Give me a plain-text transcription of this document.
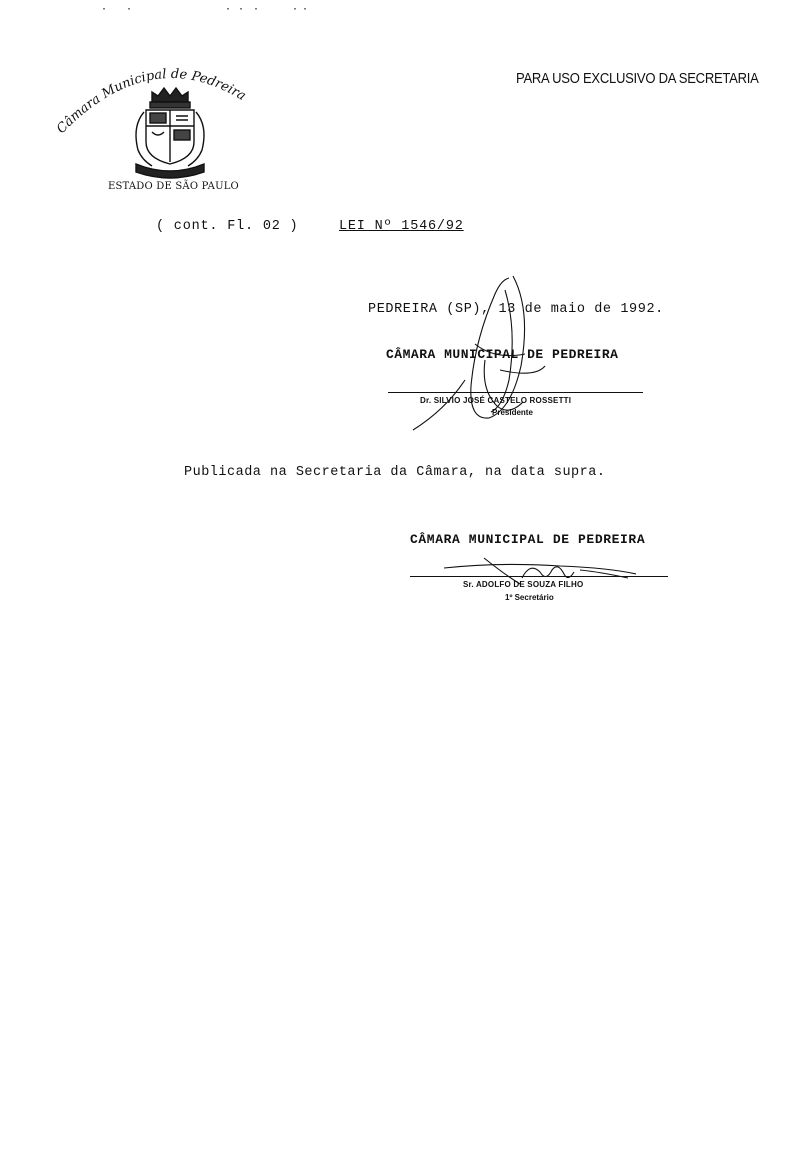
PARA USO EXCLUSIVO DA SECRETARIA
Câmara Municipal de Pedreira
ESTADO DE SÃO PAULO
( cont. Fl. 02 )	LEI Nº 1546/92
PEDREIRA (SP), 13 de maio de 1992.
CÂMARA MUNICIPAL DE PEDREIRA
Dr. SILVIO JOSÉ CASTELO ROSSETTI
Presidente
Publicada na Secretaria da Câmara, na data supra.
CÂMARA MUNICIPAL DE PEDREIRA
Sr. ADOLFO DE SOUZA FILHO
1º Secretário
